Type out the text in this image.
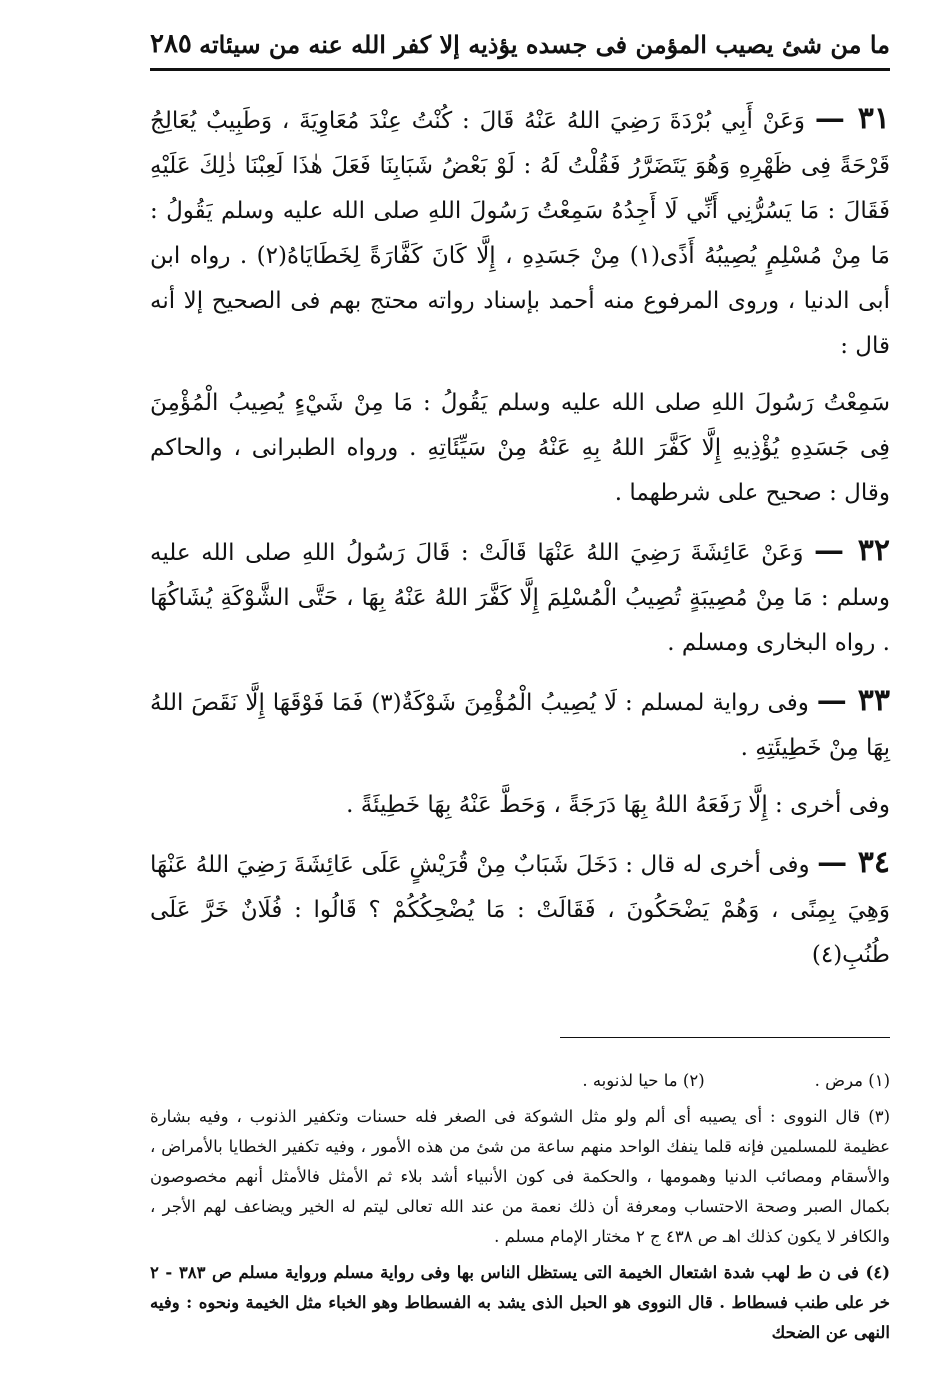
ما من شئ يصيب المؤمن فى جسده يؤذيه إلا كفر الله عنه من سيئاته
٢٨٥

٣١ — وَعَنْ أَبِي بُرْدَةَ رَضِيَ اللهُ عَنْهُ قَالَ : كُنْتُ عِنْدَ مُعَاوِيَةَ ، وَطَبِيبٌ يُعَالِجُ قَرْحَةً فِى ظَهْرِهِ وَهُوَ يَتَضَرَّرُ فَقُلْتُ لَهُ : لَوْ بَعْضُ شَبَابِنَا فَعَلَ هٰذَا لَعِبْنَا ذٰلِكَ عَلَيْهِ فَقَالَ : مَا يَسُرُّنِي أَنِّي لَا أَجِدُهُ سَمِعْتُ رَسُولَ اللهِ صلى الله عليه وسلم يَقُولُ : مَا مِنْ مُسْلِمٍ يُصِيبُهُ أَذًى(١) مِنْ جَسَدِهِ ، إِلَّا كَانَ كَفَّارَةً لِخَطَايَاهُ(٢) . رواه ابن أبى الدنيا ، وروى المرفوع منه أحمد بإسناد رواته محتج بهم فى الصحيح إلا أنه قال :

سَمِعْتُ رَسُولَ اللهِ صلى الله عليه وسلم يَقُولُ : مَا مِنْ شَيْءٍ يُصِيبُ الْمُؤْمِنَ فِى جَسَدِهِ يُؤْذِيهِ إِلَّا كَفَّرَ اللهُ بِهِ عَنْهُ مِنْ سَيِّئَاتِهِ . ورواه الطبرانى ، والحاكم وقال : صحيح على شرطهما .

٣٢ — وَعَنْ عَائِشَةَ رَضِيَ اللهُ عَنْهَا قَالَتْ : قَالَ رَسُولُ اللهِ صلى الله عليه وسلم : مَا مِنْ مُصِيبَةٍ تُصِيبُ الْمُسْلِمَ إِلَّا كَفَّرَ اللهُ عَنْهُ بِهَا ، حَتَّى الشَّوْكَةِ يُشَاكُهَا . رواه البخارى ومسلم .

٣٣ — وفى رواية لمسلم : لَا يُصِيبُ الْمُؤْمِنَ شَوْكَةٌ(٣) فَمَا فَوْقَهَا إِلَّا نَقَصَ اللهُ بِهَا مِنْ خَطِيئَتِهِ .

وفى أخرى : إِلَّا رَفَعَهُ اللهُ بِهَا دَرَجَةً ، وَحَطَّ عَنْهُ بِهَا خَطِيئَةً .

٣٤ — وفى أخرى له قال : دَخَلَ شَبَابٌ مِنْ قُرَيْشٍ عَلَى عَائِشَةَ رَضِيَ اللهُ عَنْهَا وَهِيَ بِمِنًى ، وَهُمْ يَضْحَكُونَ ، فَقَالَتْ : مَا يُضْحِكُكُمْ ؟ قَالُوا : فُلَانٌ خَرَّ عَلَى طُنُبِ(٤)

(١) مرض .
(٢) ما حيا لذنوبه .

(٣) قال النووى : أى يصيبه أى ألم ولو مثل الشوكة فى الصغر فله حسنات وتكفير الذنوب ، وفيه بشارة عظيمة للمسلمين فإنه قلما ينفك الواحد منهم ساعة من شئ من هذه الأمور ، وفيه تكفير الخطايا بالأمراض ، والأسقام ومصائب الدنيا وهمومها ، والحكمة فى كون الأنبياء أشد بلاء ثم الأمثل فالأمثل أنهم مخصوصون بكمال الصبر وصحة الاحتساب ومعرفة أن ذلك نعمة من عند الله تعالى ليتم له الخير ويضاعف لهم الأجر ، والكافر لا يكون كذلك اهـ ص ٤٣٨ ج ٢ مختار الإمام مسلم .

(٤) فى ن ط لهب شدة اشتعال الخيمة التى يستظل الناس بها وفى رواية مسلم ورواية مسلم ص ٣٨٣ - ٢ خر على طنب فسطاط . قال النووى هو الحبل الذى يشد به الفسطاط وهو الخباء مثل الخيمة ونحوه : وفيه النهى عن الضحك
